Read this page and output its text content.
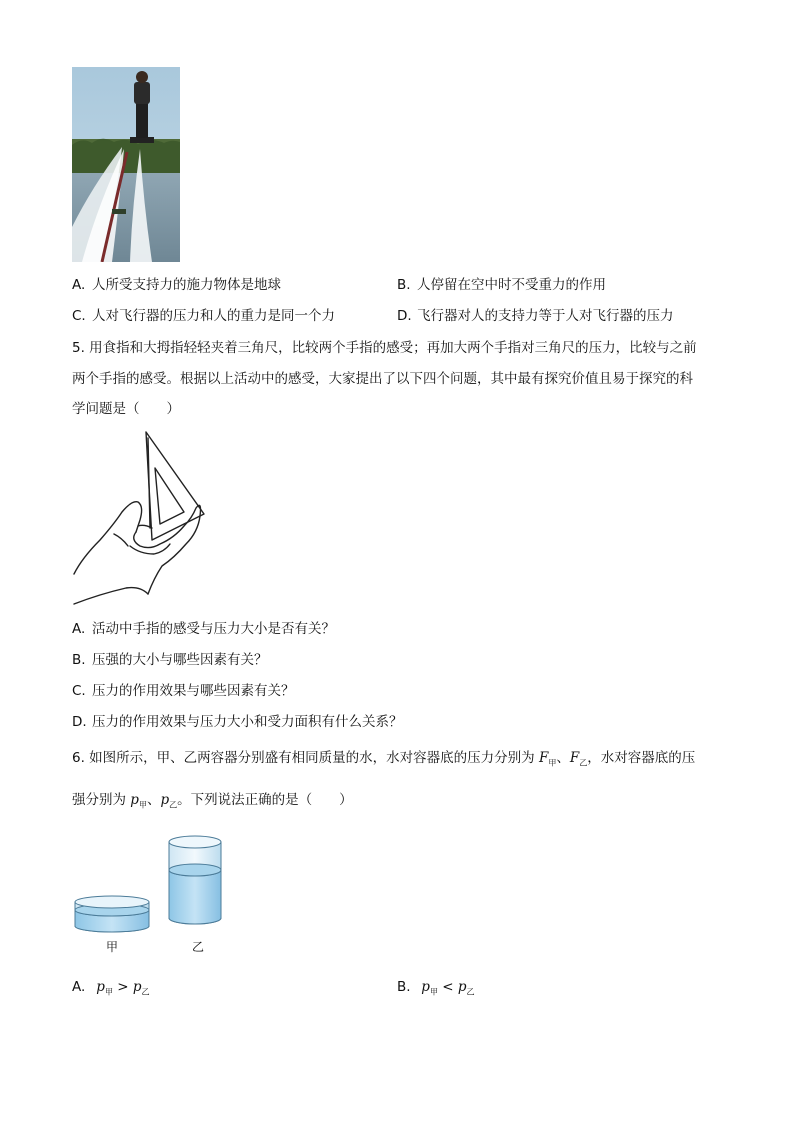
A. 人所受支持力的施力物体是地球	B. 人停留在空中时不受重力的作用
C. 人对飞行器的压力和人的重力是同一个力	D. 飞行器对人的支持力等于人对飞行器的压力
5. 用食指和大拇指轻轻夹着三角尺，比较两个手指的感受；再加大两个手指对三角尺的压力，比较与之前
两个手指的感受。根据以上活动中的感受，大家提出了以下四个问题，其中最有探究价值且易于探究的科
学问题是（　　）
A. 活动中手指的感受与压力大小是否有关？
B. 压强的大小与哪些因素有关？
C. 压力的作用效果与哪些因素有关？
D. 压力的作用效果与压力大小和受力面积有什么关系？
6. 如图所示，甲、乙两容器分别盛有相同质量的水，水对容器底的压力分别为 $F_甲$、$F_乙$，水对容器底的压
强分别为 $p_甲$、$p_乙$。下列说法正确的是（　　）
甲	乙
A. $p_甲 > p_乙$	B. $p_甲 < p_乙$
